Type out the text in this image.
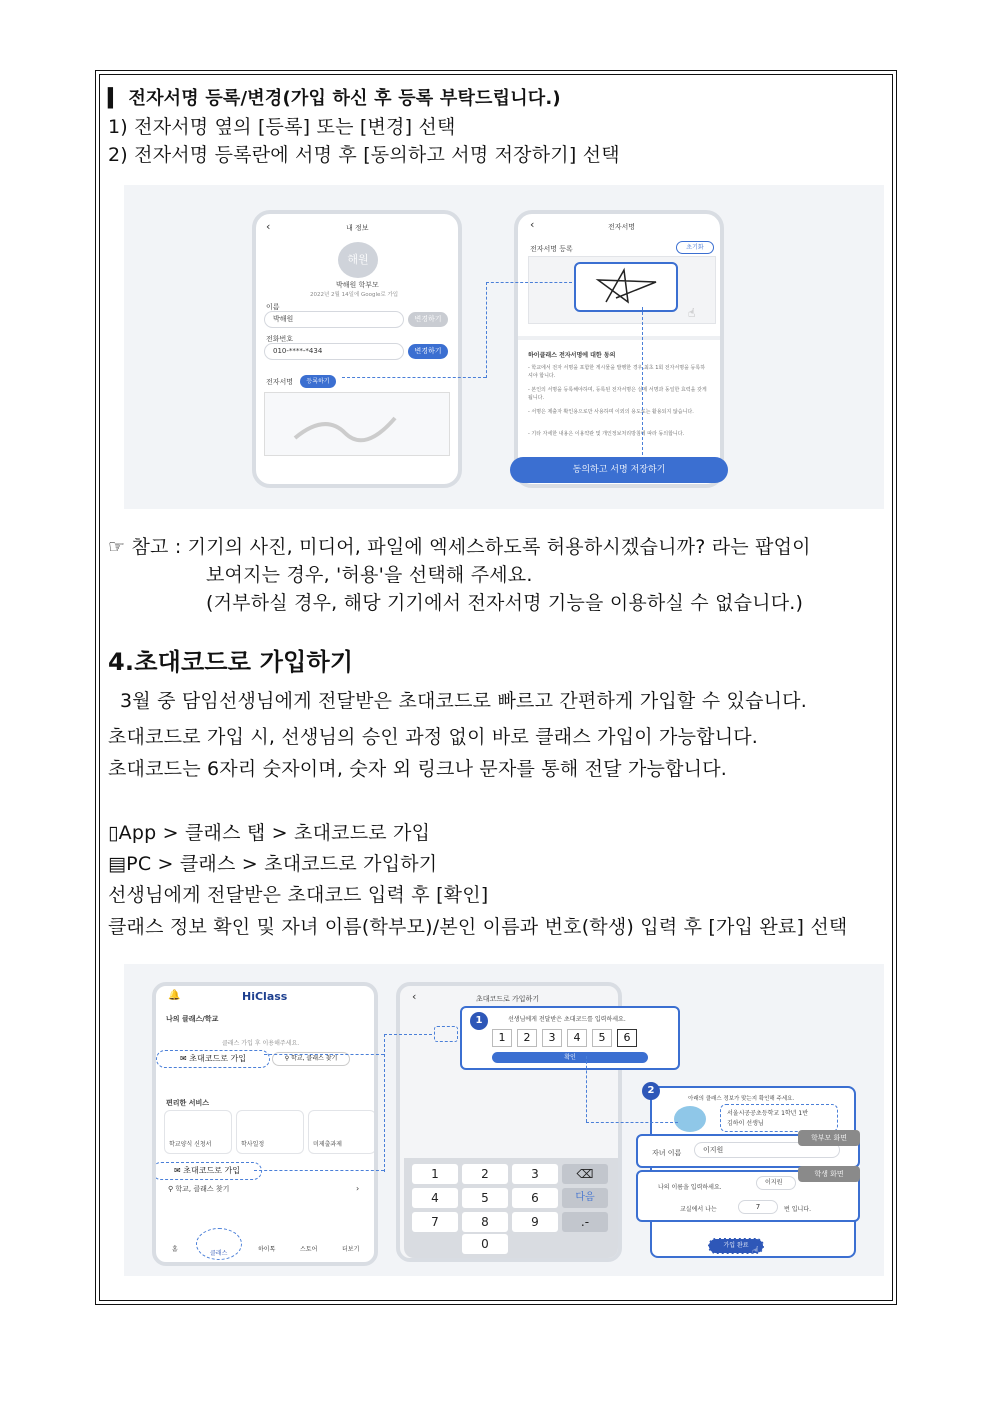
▍ 전자서명 등록/변경(가입 하신 후 등록 부탁드립니다.)
1) 전자서명 옆의 [등록] 또는 [변경] 선택
2) 전자서명 등록란에 서명 후 [동의하고 서명 저장하기] 선택
‹	내 정보
해원
박해원 학부모
2022년 2월 14일에 Google로 가입
이름
박해원	변경하기
전화번호
010-****-*434	변경하기
전자서명	등록하기
‹	전자서명
전자서명 등록	초기화
☝
하이클래스 전자서명에 대한 동의
- 학교에서 전자 서명을 포함한 게시물을 발행한 경우,최초 1회 전자서명을 등록하셔야 합니다.
- 본인의 서명을 등록해야하며, 등록된 전자서명은 실제 서명과 동일한 효력을 갖게됩니다.
- 서명은 제출자 확인용으로만 사용하며 이외의 용도로는 활용되지 않습니다.
- 기타 자세한 내용은 이용약관 및 개인정보처리방침에 따라 동의합니다.
동의하고 서명 저장하기
☞ 참고 : 기기의 사진, 미디어, 파일에 엑세스하도록 허용하시겠습니까? 라는 팝업이
보여지는 경우, '허용'을 선택해 주세요.
(거부하실 경우, 해당 기기에서 전자서명 기능을 이용하실 수 없습니다.)
4.초대코드로 가입하기
3월 중 담임선생님에게 전달받은 초대코드로 빠르고 간편하게 가입할 수 있습니다.
초대코드로 가입 시, 선생님의 승인 과정 없이 바로 클래스 가입이 가능합니다.
초대코드는 6자리 숫자이며, 숫자 외 링크나 문자를 통해 전달 가능합니다.
▯App > 클래스 탭 > 초대코드로 가입
▤PC > 클래스 > 초대코드로 가입하기
선생님에게 전달받은 초대코드 입력 후 [확인]
클래스 정보 확인 및 자녀 이름(학부모)/본인 이름과 번호(학생) 입력 후 [가입 완료] 선택
🔔	HiClass
나의 클래스/학교
클래스 가입 후 이용해주세요.
✉ 초대코드로 가입	⚲ 학교, 클래스 찾기
편리한 서비스
학교양식 신청서	학사일정	미제출과제
✉ 초대코드로 가입
⚲ 학교, 클래스 찾기	›
홈
클래스
하이톡	스토어	더보기
‹	초대코드로 가입하기
1	선생님에게 전달받은 초대코드를 입력하세요.
1 2 3 4 5 6
확인
1	2	3	⌫
4	5	6	다음
7	8	9	.-
0
2
아래의 클래스 정보가 맞는지 확인해 주세요.
서울시공공초등학교 1학년 1반
김하이 선생님
가입 완료 ☝
자녀 이름	이지원
학부모 화면
나의 이름을 입력하세요.
이지원
학생 화면
교실에서 나는	7	번 입니다.
